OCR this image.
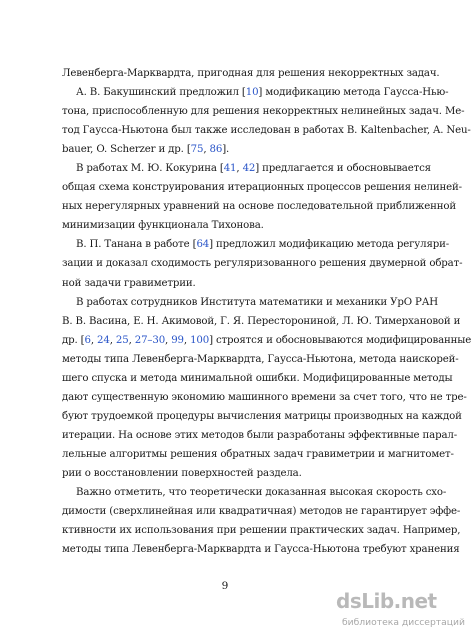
Левенберга-Марквардта, пригодная для решения некорректных задач.
А. В. Бакушинский предложил [10] модификацию метода Гаусса-Нью-
тона, приспособленную для решения некорректных нелинейных задач. Ме-
тод Гаусса-Ньютона был также исследован в работах B. Kaltenbacher, A. Neu-
bauer, O. Scherzer и др. [75, 86].
В работах М. Ю. Кокурина [41, 42] предлагается и обосновывается
общая схема конструирования итерационных процессов решения нелиней-
ных нерегулярных уравнений на основе последовательной приближенной
минимизации функционала Тихонова.
В. П. Танана в работе [64] предложил модификацию метода регуляри-
зации и доказал сходимость регуляризованного решения двумерной обрат-
ной задачи гравиметрии.
В работах сотрудников Института математики и механики УрО РАН
В. В. Васина, Е. Н. Акимовой, Г. Я. Пересторониной, Л. Ю. Тимерхановой и
др. [6, 24, 25, 27–30, 99, 100] строятся и обосновываются модифицированные
методы типа Левенберга-Марквардта, Гаусса-Ньютона, метода наискорей-
шего спуска и метода минимальной ошибки. Модифицированные методы
дают существенную экономию машинного времени за счет того, что не тре-
буют трудоемкой процедуры вычисления матрицы производных на каждой
итерации. На основе этих методов были разработаны эффективные парал-
лельные алгоритмы решения обратных задач гравиметрии и магнитомет-
рии о восстановлении поверхностей раздела.
Важно отметить, что теоретически доказанная высокая скорость схо-
димости (сверхлинейная или квадратичная) методов не гарантирует эффе-
ктивности их использования при решении практических задач. Например,
методы типа Левенберга-Марквардта и Гаусса-Ньютона требуют хранения
9
dsLib.net
библиотека диссертаций
